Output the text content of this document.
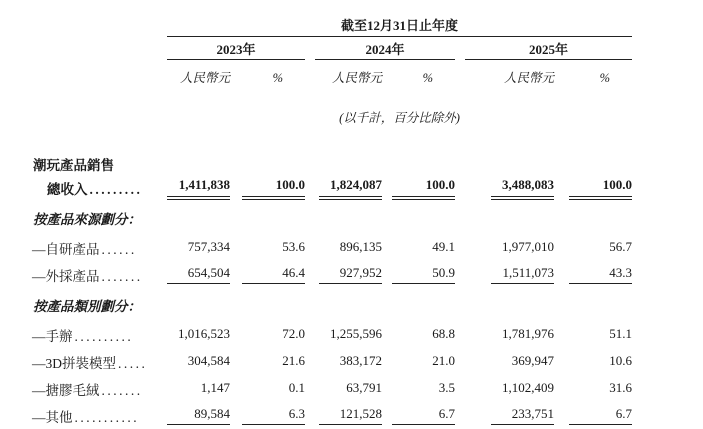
	截至12月31日止年度							
	2023年			2024年			2025年	
	人民幣元	%		人民幣元	%		人民幣元	%
	(以千計，百分比除外)							

潮玩產品銷售								
總收入 .........	1,411,838	100.0		1,824,087	100.0		3,488,083	100.0
按產品來源劃分：								
—自研產品 ......	757,334	53.6		896,135	49.1		1,977,010	56.7
—外採產品 .......	654,504	46.4		927,952	50.9		1,511,073	43.3
按產品類別劃分：								
—手辦 ..........	1,016,523	72.0		1,255,596	68.8		1,781,976	51.1
—3D拼裝模型 .....	304,584	21.6		383,172	21.0		369,947	10.6
—搪膠毛絨 .......	1,147	0.1		63,791	3.5		1,102,409	31.6
—其他 ...........	89,584	6.3		121,528	6.7		233,751	6.7
